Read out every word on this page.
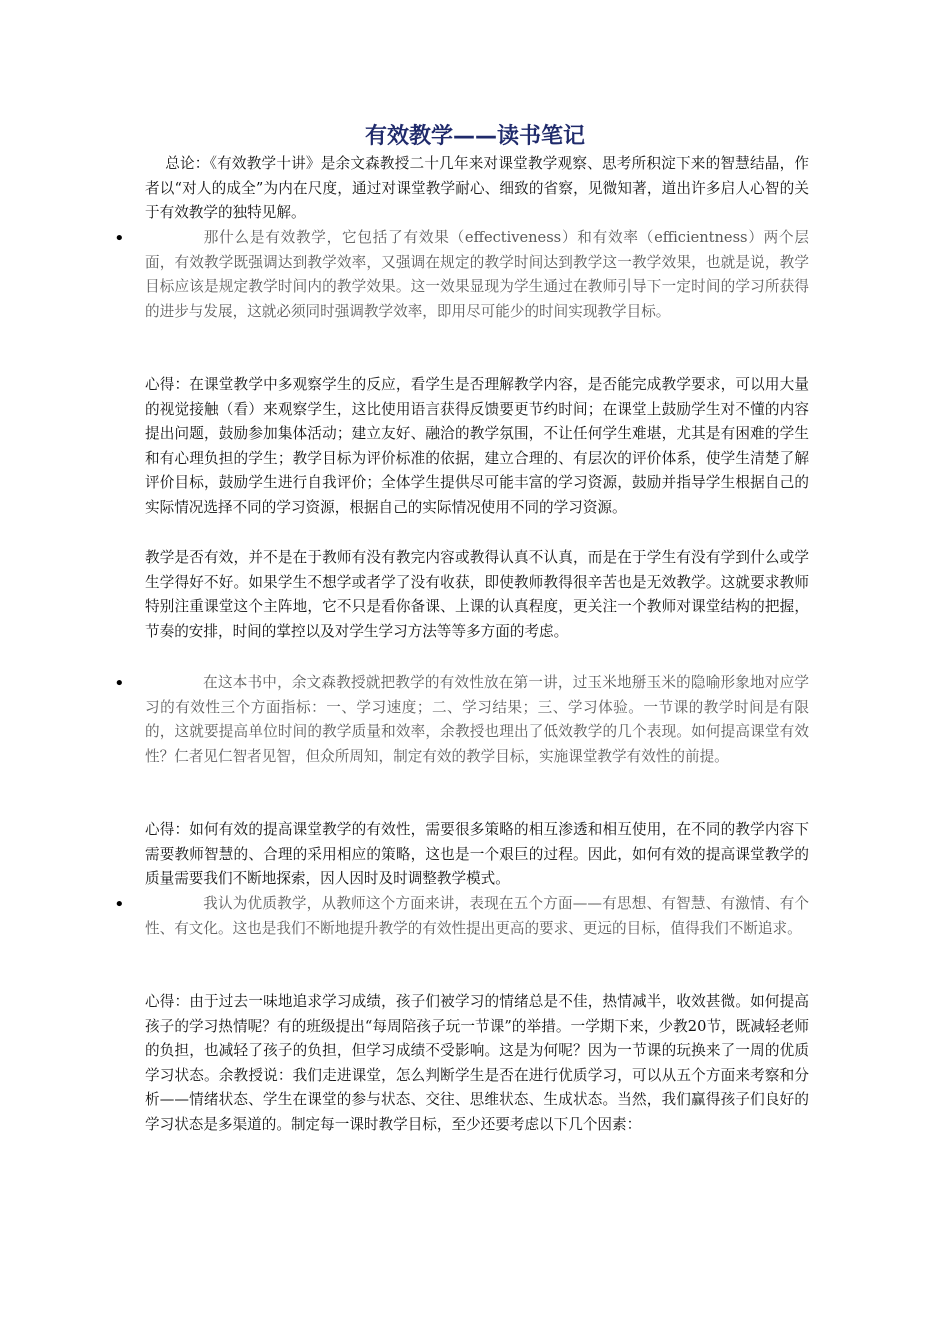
有效教学——读书笔记

总论：《有效教学十讲》是余文森教授二十几年来对课堂教学观察、思考所积淀下来的智慧结晶，作者以“对人的成全”为内在尺度，通过对课堂教学耐心、细致的省察，见微知著，道出许多启人心智的关于有效教学的独特见解。

•	那什么是有效教学，它包括了有效果（effectiveness）和有效率（efficientness）两个层面，有效教学既强调达到教学效率，又强调在规定的教学时间达到教学这一教学效果，也就是说，教学目标应该是规定教学时间内的教学效果。这一效果显现为学生通过在教师引导下一定时间的学习所获得的进步与发展，这就必须同时强调教学效率，即用尽可能少的时间实现教学目标。

心得：在课堂教学中多观察学生的反应，看学生是否理解教学内容，是否能完成教学要求，可以用大量的视觉接触（看）来观察学生，这比使用语言获得反馈要更节约时间；在课堂上鼓励学生对不懂的内容提出问题，鼓励参加集体活动；建立友好、融洽的教学氛围，不让任何学生难堪，尤其是有困难的学生和有心理负担的学生；教学目标为评价标准的依据，建立合理的、有层次的评价体系，使学生清楚了解评价目标，鼓励学生进行自我评价；全体学生提供尽可能丰富的学习资源，鼓励并指导学生根据自己的实际情况选择不同的学习资源，根据自己的实际情况使用不同的学习资源。

教学是否有效，并不是在于教师有没有教完内容或教得认真不认真，而是在于学生有没有学到什么或学生学得好不好。如果学生不想学或者学了没有收获，即使教师教得很辛苦也是无效教学。这就要求教师特别注重课堂这个主阵地，它不只是看你备课、上课的认真程度，更关注一个教师对课堂结构的把握，节奏的安排，时间的掌控以及对学生学习方法等等多方面的考虑。

•	在这本书中，余文森教授就把教学的有效性放在第一讲，过玉米地掰玉米的隐喻形象地对应学习的有效性三个方面指标：一、学习速度；二、学习结果；三、学习体验。一节课的教学时间是有限的，这就要提高单位时间的教学质量和效率，余教授也理出了低效教学的几个表现。如何提高课堂有效性？仁者见仁智者见智，但众所周知，制定有效的教学目标，实施课堂教学有效性的前提。

心得：如何有效的提高课堂教学的有效性，需要很多策略的相互渗透和相互使用，在不同的教学内容下需要教师智慧的、合理的采用相应的策略，这也是一个艰巨的过程。因此，如何有效的提高课堂教学的质量需要我们不断地探索，因人因时及时调整教学模式。

•	我认为优质教学，从教师这个方面来讲，表现在五个方面——有思想、有智慧、有激情、有个性、有文化。这也是我们不断地提升教学的有效性提出更高的要求、更远的目标，值得我们不断追求。

心得：由于过去一味地追求学习成绩，孩子们被学习的情绪总是不佳，热情减半，收效甚微。如何提高孩子的学习热情呢？有的班级提出“每周陪孩子玩一节课”的举措。一学期下来，少教20节，既减轻老师的负担，也减轻了孩子的负担，但学习成绩不受影响。这是为何呢？因为一节课的玩换来了一周的优质学习状态。余教授说：我们走进课堂，怎么判断学生是否在进行优质学习，可以从五个方面来考察和分析——情绪状态、学生在课堂的参与状态、交往、思维状态、生成状态。当然，我们赢得孩子们良好的学习状态是多渠道的。制定每一课时教学目标，至少还要考虑以下几个因素：
